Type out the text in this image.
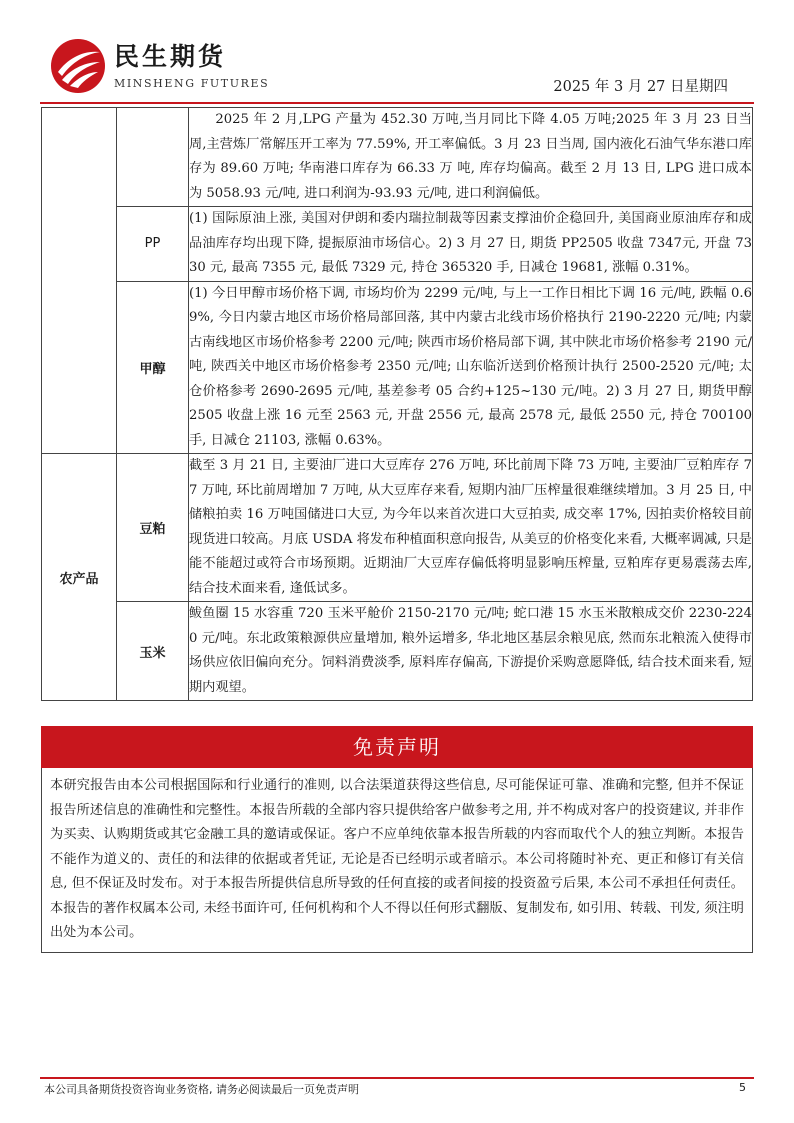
民生期货
MINSHENG FUTURES	2025 年 3 月 27 日星期四
		2025 年 2 月,LPG 产量为 452.30 万吨,当月同比下降 4.05 万吨;2025 年 3 月 23 日当 周,主营炼厂常解压开工率为 77.59%, 开工率偏低。3 月 23 日当周, 国内液化石油气华东港口库存为 89.60 万吨; 华南港口库存为 66.33 万 吨, 库存均偏高。截至 2 月 13 日, LPG 进口成本为 5058.93 元/吨, 进口利润为-93.93 元/吨, 进口利润偏低。
	PP	(1) 国际原油上涨, 美国对伊朗和委内瑞拉制裁等因素支撑油价企稳回升, 美国商业原油库存和成品油库存均出现下降, 提振原油市场信心。2) 3 月 27 日, 期货 PP2505 收盘 7347元, 开盘 7330 元, 最高 7355 元, 最低 7329 元, 持仓 365320 手, 日减仓 19681, 涨幅 0.31%。
	甲醇	(1) 今日甲醇市场价格下调, 市场均价为 2299 元/吨, 与上一工作日相比下调 16 元/吨, 跌幅 0.69%, 今日内蒙古地区市场价格局部回落, 其中内蒙古北线市场价格执行 2190-2220 元/吨; 内蒙古南线地区市场价格参考 2200 元/吨; 陕西市场价格局部下调, 其中陕北市场价格参考 2190 元/吨, 陕西关中地区市场价格参考 2350 元/吨; 山东临沂送到价格预计执行 2500-2520 元/吨; 太仓价格参考 2690-2695 元/吨, 基差参考 05 合约+125~130 元/吨。2) 3 月 27 日, 期货甲醇 2505 收盘上涨 16 元至 2563 元, 开盘 2556 元, 最高 2578 元, 最低 2550 元, 持仓 700100 手, 日减仓 21103, 涨幅 0.63%。
农产品	豆粕	截至 3 月 21 日, 主要油厂进口大豆库存 276 万吨, 环比前周下降 73 万吨, 主要油厂豆粕库存 77 万吨, 环比前周增加 7 万吨, 从大豆库存来看, 短期内油厂压榨量很难继续增加。3 月 25 日, 中储粮拍卖 16 万吨国储进口大豆, 为今年以来首次进口大豆拍卖, 成交率 17%, 因拍卖价格较目前现货进口较高。月底 USDA 将发布种植面积意向报告, 从美豆的价格变化来看, 大概率调减, 只是能不能超过或符合市场预期。近期油厂大豆库存偏低将明显影响压榨量, 豆粕库存更易震荡去库, 结合技术面来看, 逢低试多。
	玉米	鲅鱼圈 15 水容重 720 玉米平舱价 2150-2170 元/吨; 蛇口港 15 水玉米散粮成交价 2230-2240 元/吨。东北政策粮源供应量增加, 粮外运增多, 华北地区基层余粮见底, 然而东北粮流入使得市场供应依旧偏向充分。饲料消费淡季, 原料库存偏高, 下游提价采购意愿降低, 结合技术面来看, 短期内观望。
免责声明
本研究报告由本公司根据国际和行业通行的准则, 以合法渠道获得这些信息, 尽可能保证可靠、准确和完整, 但并不保证报告所述信息的准确性和完整性。本报告所载的全部内容只提供给客户做参考之用, 并不构成对客户的投资建议, 并非作为买卖、认购期货或其它金融工具的邀请或保证。客户不应单纯依靠本报告所载的内容而取代个人的独立判断。本报告不能作为道义的、责任的和法律的依据或者凭证, 无论是否已经明示或者暗示。本公司将随时补充、更正和修订有关信息, 但不保证及时发布。对于本报告所提供信息所导致的任何直接的或者间接的投资盈亏后果, 本公司不承担任何责任。本报告的著作权属本公司, 未经书面许可, 任何机构和个人不得以任何形式翻版、复制发布, 如引用、转载、刊发, 须注明出处为本公司。
本公司具备期货投资咨询业务资格, 请务必阅读最后一页免责声明	5
